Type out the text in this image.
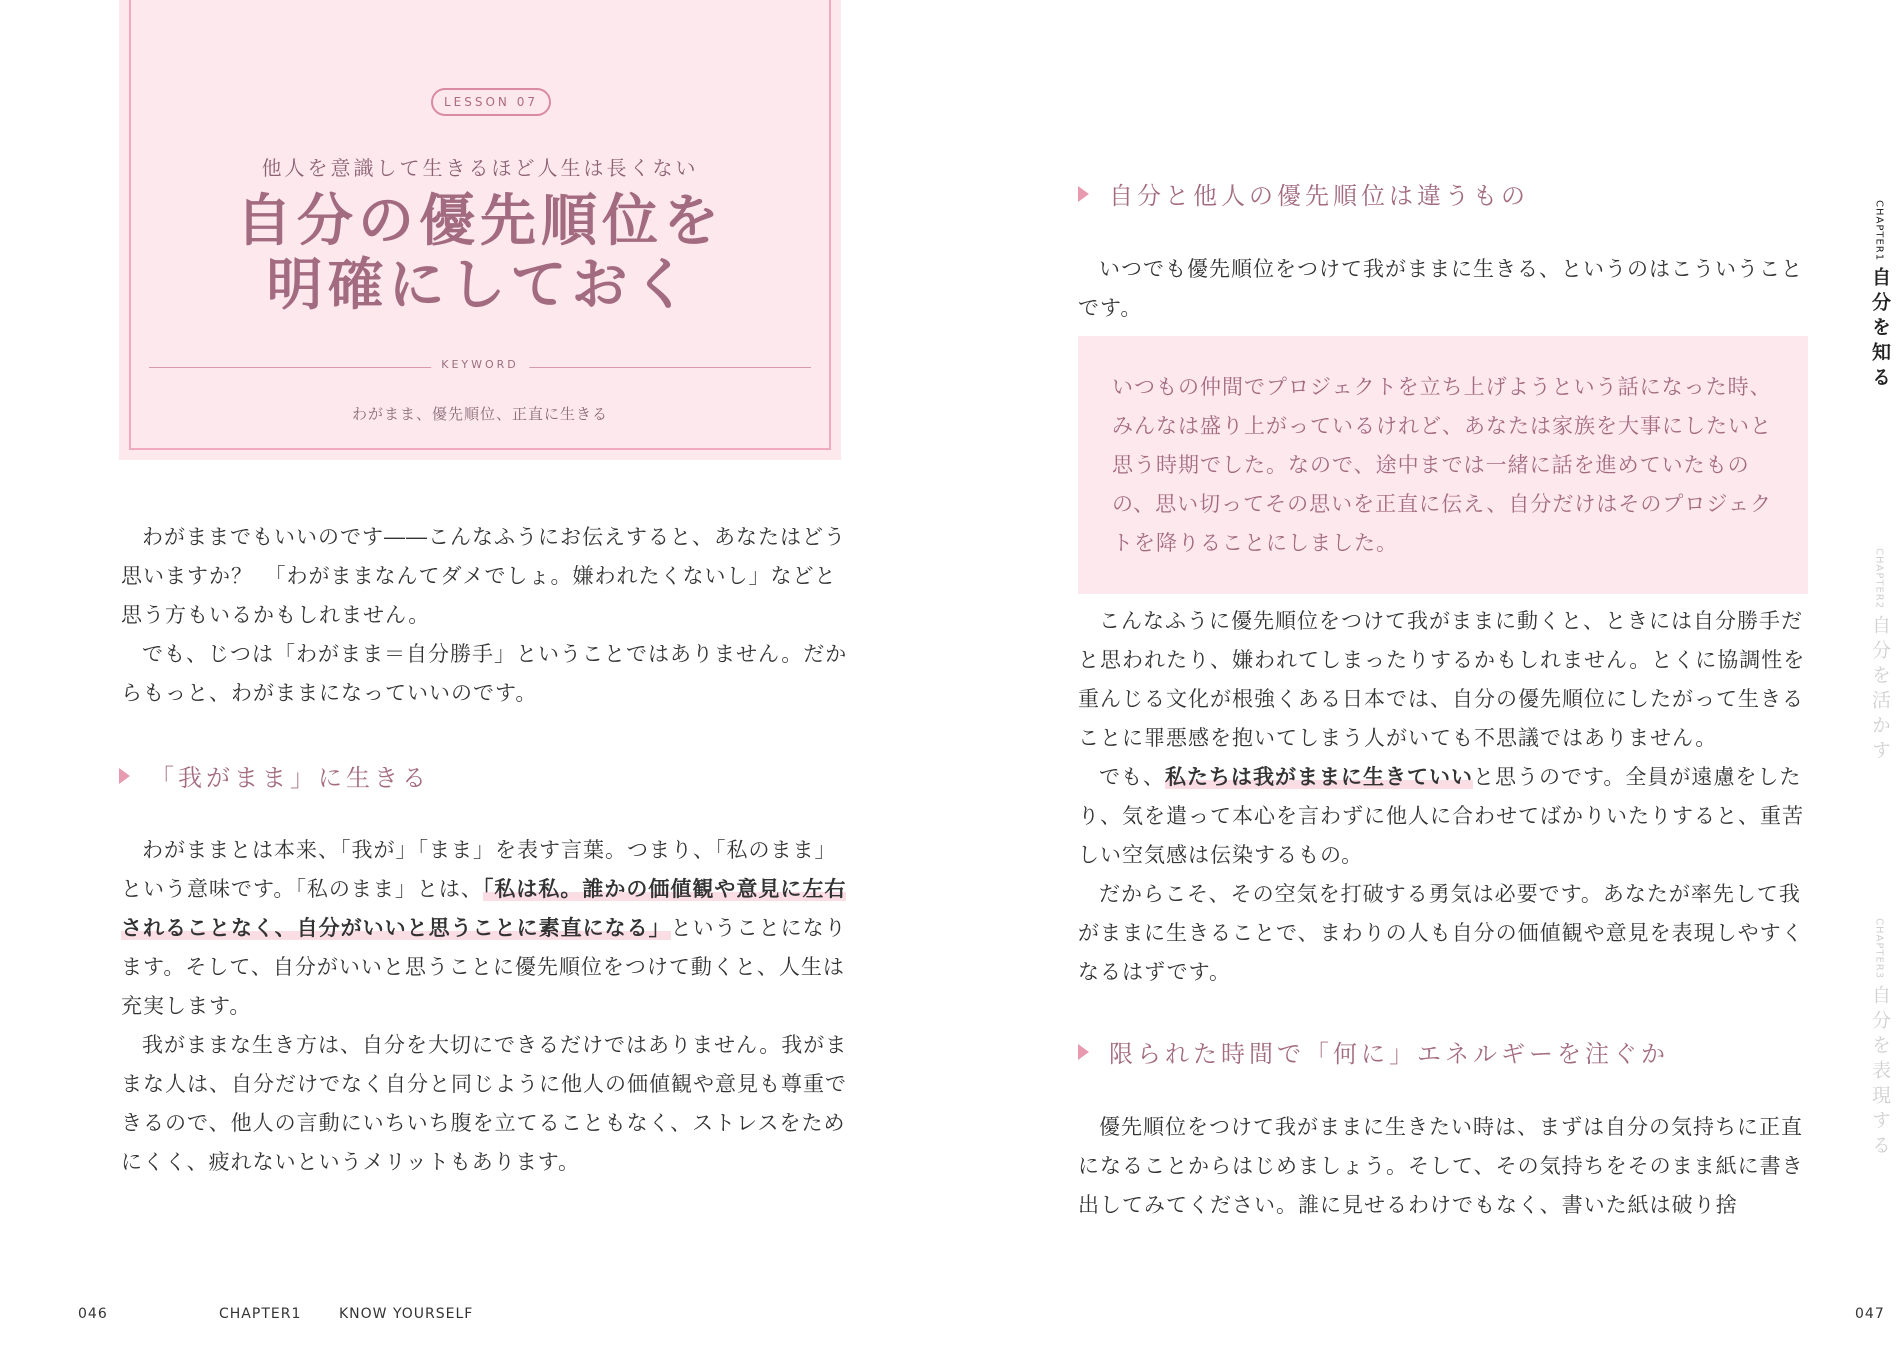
LESSON 07
他人を意識して生きるほど人生は長くない
自分の優先順位を
明確にしておく
KEYWORD
わがまま、優先順位、正直に生きる

わがままでもいいのです――こんなふうにお伝えすると、あなたはどう思いますか？　「わがままなんてダメでしょ。嫌われたくないし」などと思う方もいるかもしれません。

でも、じつは「わがまま＝自分勝手」ということではありません。だからもっと、わがままになっていいのです。

「我がまま」に生きる

わがままとは本来、「我が」「まま」を表す言葉。つまり、「私のまま」という意味です。「私のまま」とは、「私は私。誰かの価値観や意見に左右されることなく、自分がいいと思うことに素直になる」ということになります。そして、自分がいいと思うことに優先順位をつけて動くと、人生は充実します。

我がままな生き方は、自分を大切にできるだけではありません。我がままな人は、自分だけでなく自分と同じように他人の価値観や意見も尊重できるので、他人の言動にいちいち腹を立てることもなく、ストレスをためにくく、疲れないというメリットもあります。

046	CHAPTER1	KNOW YOURSELF
自分と他人の優先順位は違うもの

いつでも優先順位をつけて我がままに生きる、というのはこういうことです。

いつもの仲間でプロジェクトを立ち上げようという話になった時、みんなは盛り上がっているけれど、あなたは家族を大事にしたいと思う時期でした。なので、途中までは一緒に話を進めていたものの、思い切ってその思いを正直に伝え、自分だけはそのプロジェクトを降りることにしました。

こんなふうに優先順位をつけて我がままに動くと、ときには自分勝手だと思われたり、嫌われてしまったりするかもしれません。とくに協調性を重んじる文化が根強くある日本では、自分の優先順位にしたがって生きることに罪悪感を抱いてしまう人がいても不思議ではありません。

でも、私たちは我がままに生きていいと思うのです。全員が遠慮をしたり、気を遣って本心を言わずに他人に合わせてばかりいたりすると、重苦しい空気感は伝染するもの。

だからこそ、その空気を打破する勇気は必要です。あなたが率先して我がままに生きることで、まわりの人も自分の価値観や意見を表現しやすくなるはずです。

限られた時間で「何に」エネルギーを注ぐか

優先順位をつけて我がままに生きたい時は、まずは自分の気持ちに正直になることからはじめましょう。そして、その気持ちをそのまま紙に書き出してみてください。誰に見せるわけでもなく、書いた紙は破り捨

047
CHAPTER1
自分を知る
CHAPTER2
自分を活かす
CHAPTER3
自分を表現する
